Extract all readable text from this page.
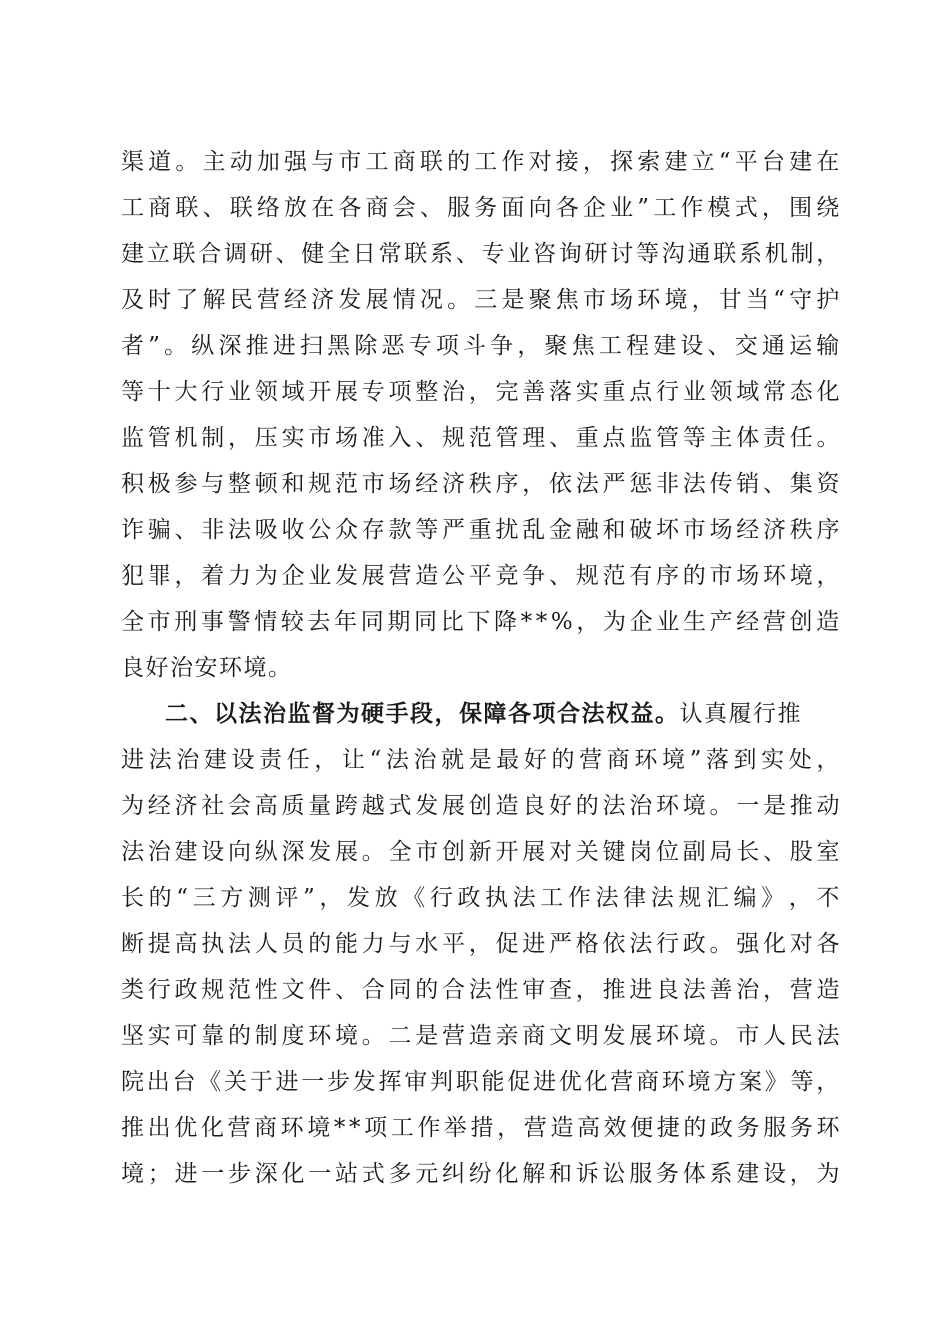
渠 道 。 主 动 加 强 与 市 工 商 联 的 工 作 对 接 ， 探 索 建 立 “ 平 台 建 在
工 商 联 、 联 络 放 在 各 商 会 、 服 务 面 向 各 企 业 ” 工 作 模 式 ， 围 绕
建 立 联 合 调 研 、 健 全 日 常 联 系 、 专 业 咨 询 研 讨 等 沟 通 联 系 机 制 ，
及 时 了 解 民 营 经 济 发 展 情 况 。 三 是 聚 焦 市 场 环 境 ， 甘 当 “ 守 护
者 ” 。 纵 深 推 进 扫 黑 除 恶 专 项 斗 争 ， 聚 焦 工 程 建 设 、 交 通 运 输
等 十 大 行 业 领 域 开 展 专 项 整 治 ， 完 善 落 实 重 点 行 业 领 域 常 态 化
监 管 机 制 ， 压 实 市 场 准 入 、 规 范 管 理 、 重 点 监 管 等 主 体 责 任 。
积 极 参 与 整 顿 和 规 范 市 场 经 济 秩 序 ， 依 法 严 惩 非 法 传 销 、 集 资
诈 骗 、 非 法 吸 收 公 众 存 款 等 严 重 扰 乱 金 融 和 破 坏 市 场 经 济 秩 序
犯 罪 ， 着 力 为 企 业 发 展 营 造 公 平 竞 争 、 规 范 有 序 的 市 场 环 境 ，
全 市 刑 事 警 情 较 去 年 同 期 同 比 下 降 * * % ， 为 企 业 生 产 经 营 创 造
良好治安环境。
二、以法治监督为硬手段，保障各项合法权益。认真履行推
进 法 治 建 设 责 任 ， 让 “ 法 治 就 是 最 好 的 营 商 环 境 ” 落 到 实 处 ，
为 经 济 社 会 高 质 量 跨 越 式 发 展 创 造 良 好 的 法 治 环 境 。 一 是 推 动
法 治 建 设 向 纵 深 发 展 。 全 市 创 新 开 展 对 关 键 岗 位 副 局 长 、 股 室
长 的 “ 三 方 测 评 ” ， 发 放 《 行 政 执 法 工 作 法 律 法 规 汇 编 》 ， 不
断 提 高 执 法 人 员 的 能 力 与 水 平 ， 促 进 严 格 依 法 行 政 。 强 化 对 各
类 行 政 规 范 性 文 件 、 合 同 的 合 法 性 审 查 ， 推 进 良 法 善 治 ， 营 造
坚 实 可 靠 的 制 度 环 境 。 二 是 营 造 亲 商 文 明 发 展 环 境 。 市 人 民 法
院 出 台 《 关 于 进 一 步 发 挥 审 判 职 能 促 进 优 化 营 商 环 境 方 案 》 等 ，
推 出 优 化 营 商 环 境 * * 项 工 作 举 措 ， 营 造 高 效 便 捷 的 政 务 服 务 环
境 ； 进 一 步 深 化 一 站 式 多 元 纠 纷 化 解 和 诉 讼 服 务 体 系 建 设 ， 为
